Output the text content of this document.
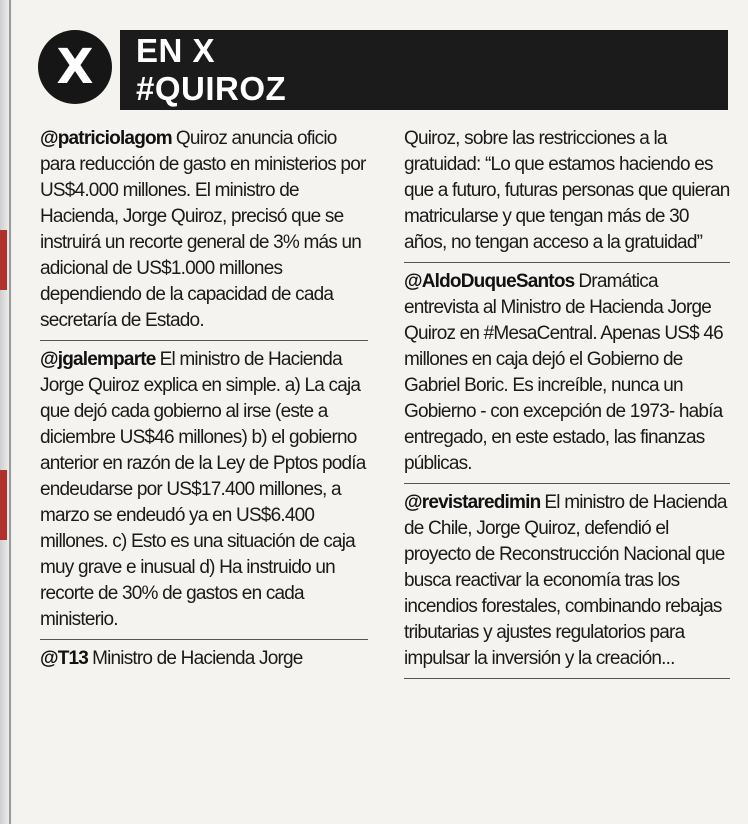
X	EN X
#QUIROZ

@patriciolagom Quiroz anuncia oficio para reducción de gasto en ministerios por US$4.000 millones. El ministro de Hacienda, Jorge Quiroz, precisó que se instruirá un recorte general de 3% más un adicional de US$1.000 millones dependiendo de la capacidad de cada secretaría de Estado.

@jgalemparte El ministro de Hacienda Jorge Quiroz explica en simple. a) La caja que dejó cada gobierno al irse (este a diciembre US$46 millones) b) el gobierno anterior en razón de la Ley de Pptos podía endeudarse por US$17.400 millones, a marzo se endeudó ya en US$6.400 millones. c) Esto es una situación de caja muy grave e inusual d) Ha instruido un recorte de 30% de gastos en cada ministerio.

@T13 Ministro de Hacienda Jorge

Quiroz, sobre las restricciones a la gratuidad: “Lo que estamos haciendo es que a futuro, futuras personas que quieran matricularse y que tengan más de 30 años, no tengan acceso a la gratuidad”

@AldoDuqueSantos Dramática entrevista al Ministro de Hacienda Jorge Quiroz en #MesaCentral. Apenas US$ 46 millones en caja dejó el Gobierno de Gabriel Boric. Es increíble, nunca un Gobierno - con excepción de 1973- había entregado, en este estado, las finanzas públicas.

@revistaredimin El ministro de Hacienda de Chile, Jorge Quiroz, defendió el proyecto de Reconstrucción Nacional que busca reactivar la economía tras los incendios forestales, combinando rebajas tributarias y ajustes regulatorios para impulsar la inversión y la creación...
